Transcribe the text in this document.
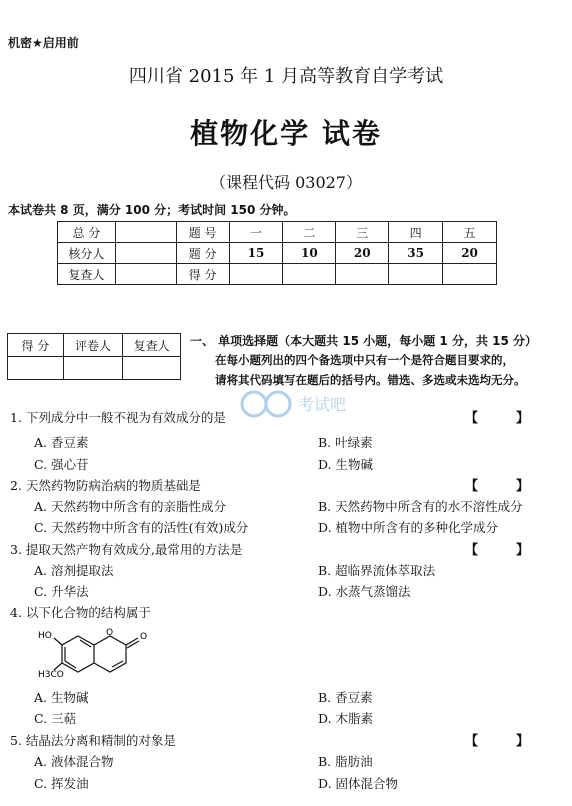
机密★启用前
四川省 2015 年 1 月高等教育自学考试
植物化学 试卷
（课程代码 03027）
本试卷共 8 页，满分 100 分；考试时间 150 分钟。
总 分		题 号	一	二	三	四	五
核分人		题 分	15	10	20	35	20
复查人		得 分					
得 分	评卷人	复查人
		一、 单项选择题（本大题共 15 小题，每小题 1 分，共 15 分）
在每小题列出的四个备选项中只有一个是符合题目要求的，
请将其代码填写在题后的括号内。错选、多选或未选均无分。
考试吧
1. 下列成分中一般不视为有效成分的是	【	】
A. 香豆素	B. 叶绿素
C. 强心苷	D. 生物碱
2. 天然药物防病治病的物质基础是	【	】
A. 天然药物中所含有的亲脂性成分	B. 天然药物中所含有的水不溶性成分
C. 天然药物中所含有的活性(有效)成分	D. 植物中所含有的多种化学成分
3. 提取天然产物有效成分,最常用的方法是	【	】
A. 溶剂提取法	B. 超临界流体萃取法
C. 升华法	D. 水蒸气蒸馏法
4. 以下化合物的结构属于
HO
H3CO
O	O
A. 生物碱	B. 香豆素
C. 三萜	D. 木脂素
5. 结晶法分离和精制的对象是	【	】
A. 液体混合物	B. 脂肪油
C. 挥发油	D. 固体混合物
